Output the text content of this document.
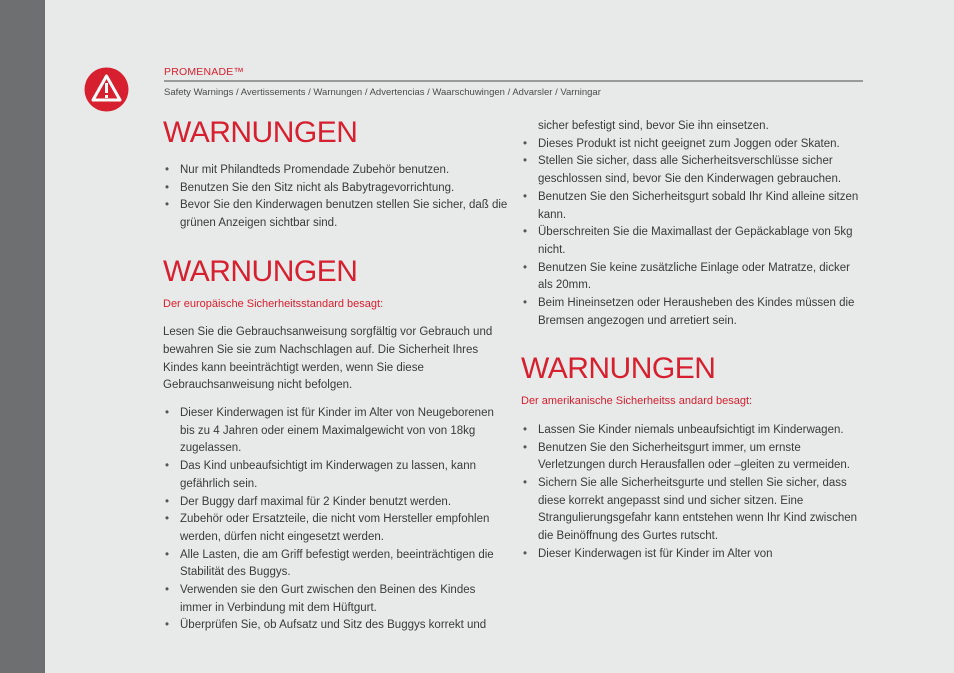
PROMENADE™
Safety Warnings / Avertissements / Warnungen / Advertencias / Waarschuwingen / Advarsler / Varningar
WARNUNGEN
• Nur mit Philandteds Promendade Zubehör benutzen.
• Benutzen Sie den Sitz nicht als Babytragevorrichtung.
• Bevor Sie den Kinderwagen benutzen stellen Sie sicher, daß die grünen Anzeigen sichtbar sind.
WARNUNGEN

Der europäische Sicherheitsstandard besagt:

Lesen Sie die Gebrauchsanweisung sorgfältig vor Gebrauch und bewahren Sie sie zum Nachschlagen auf. Die Sicherheit Ihres Kindes kann beeinträchtigt werden, wenn Sie diese Gebrauchsanweisung nicht befolgen.

• Dieser Kinderwagen ist für Kinder im Alter von Neugeborenen bis zu 4 Jahren oder einem Maximalgewicht von von 18kg zugelassen.
• Das Kind unbeaufsichtigt im Kinderwagen zu lassen, kann gefährlich sein.
• Der Buggy darf maximal für 2 Kinder benutzt werden.
• Zubehör oder Ersatzteile, die nicht vom Hersteller empfohlen werden, dürfen nicht eingesetzt werden.
• Alle Lasten, die am Griff befestigt werden, beeinträchtigen die Stabilität des Buggys.
• Verwenden sie den Gurt zwischen den Beinen des Kindes immer in Verbindung mit dem Hüftgurt.
• Überprüfen Sie, ob Aufsatz und Sitz des Buggys korrekt und

sicher befestigt sind, bevor Sie ihn einsetzen.

• Dieses Produkt ist nicht geeignet zum Joggen oder Skaten.
• Stellen Sie sicher, dass alle Sicherheitsverschlüsse sicher geschlossen sind, bevor Sie den Kinderwagen gebrauchen.
• Benutzen Sie den Sicherheitsgurt sobald Ihr Kind alleine sitzen kann.
• Überschreiten Sie die Maximallast der Gepäckablage von 5kg nicht.
• Benutzen Sie keine zusätzliche Einlage oder Matratze, dicker als 20mm.
• Beim Hineinsetzen oder Herausheben des Kindes müssen die Bremsen angezogen und arretiert sein.
WARNUNGEN

Der amerikanische Sicherheitss andard besagt:

• Lassen Sie Kinder niemals unbeaufsichtigt im Kinderwagen.
• Benutzen Sie den Sicherheitsgurt immer, um ernste Verletzungen durch Herausfallen oder –gleiten zu vermeiden.
• Sichern Sie alle Sicherheitsgurte und stellen Sie sicher, dass diese korrekt angepasst sind und sicher sitzen. Eine Strangulierungsgefahr kann entstehen wenn Ihr Kind zwischen die Beinöffnung des Gurtes rutscht.
• Dieser Kinderwagen ist für Kinder im Alter von
